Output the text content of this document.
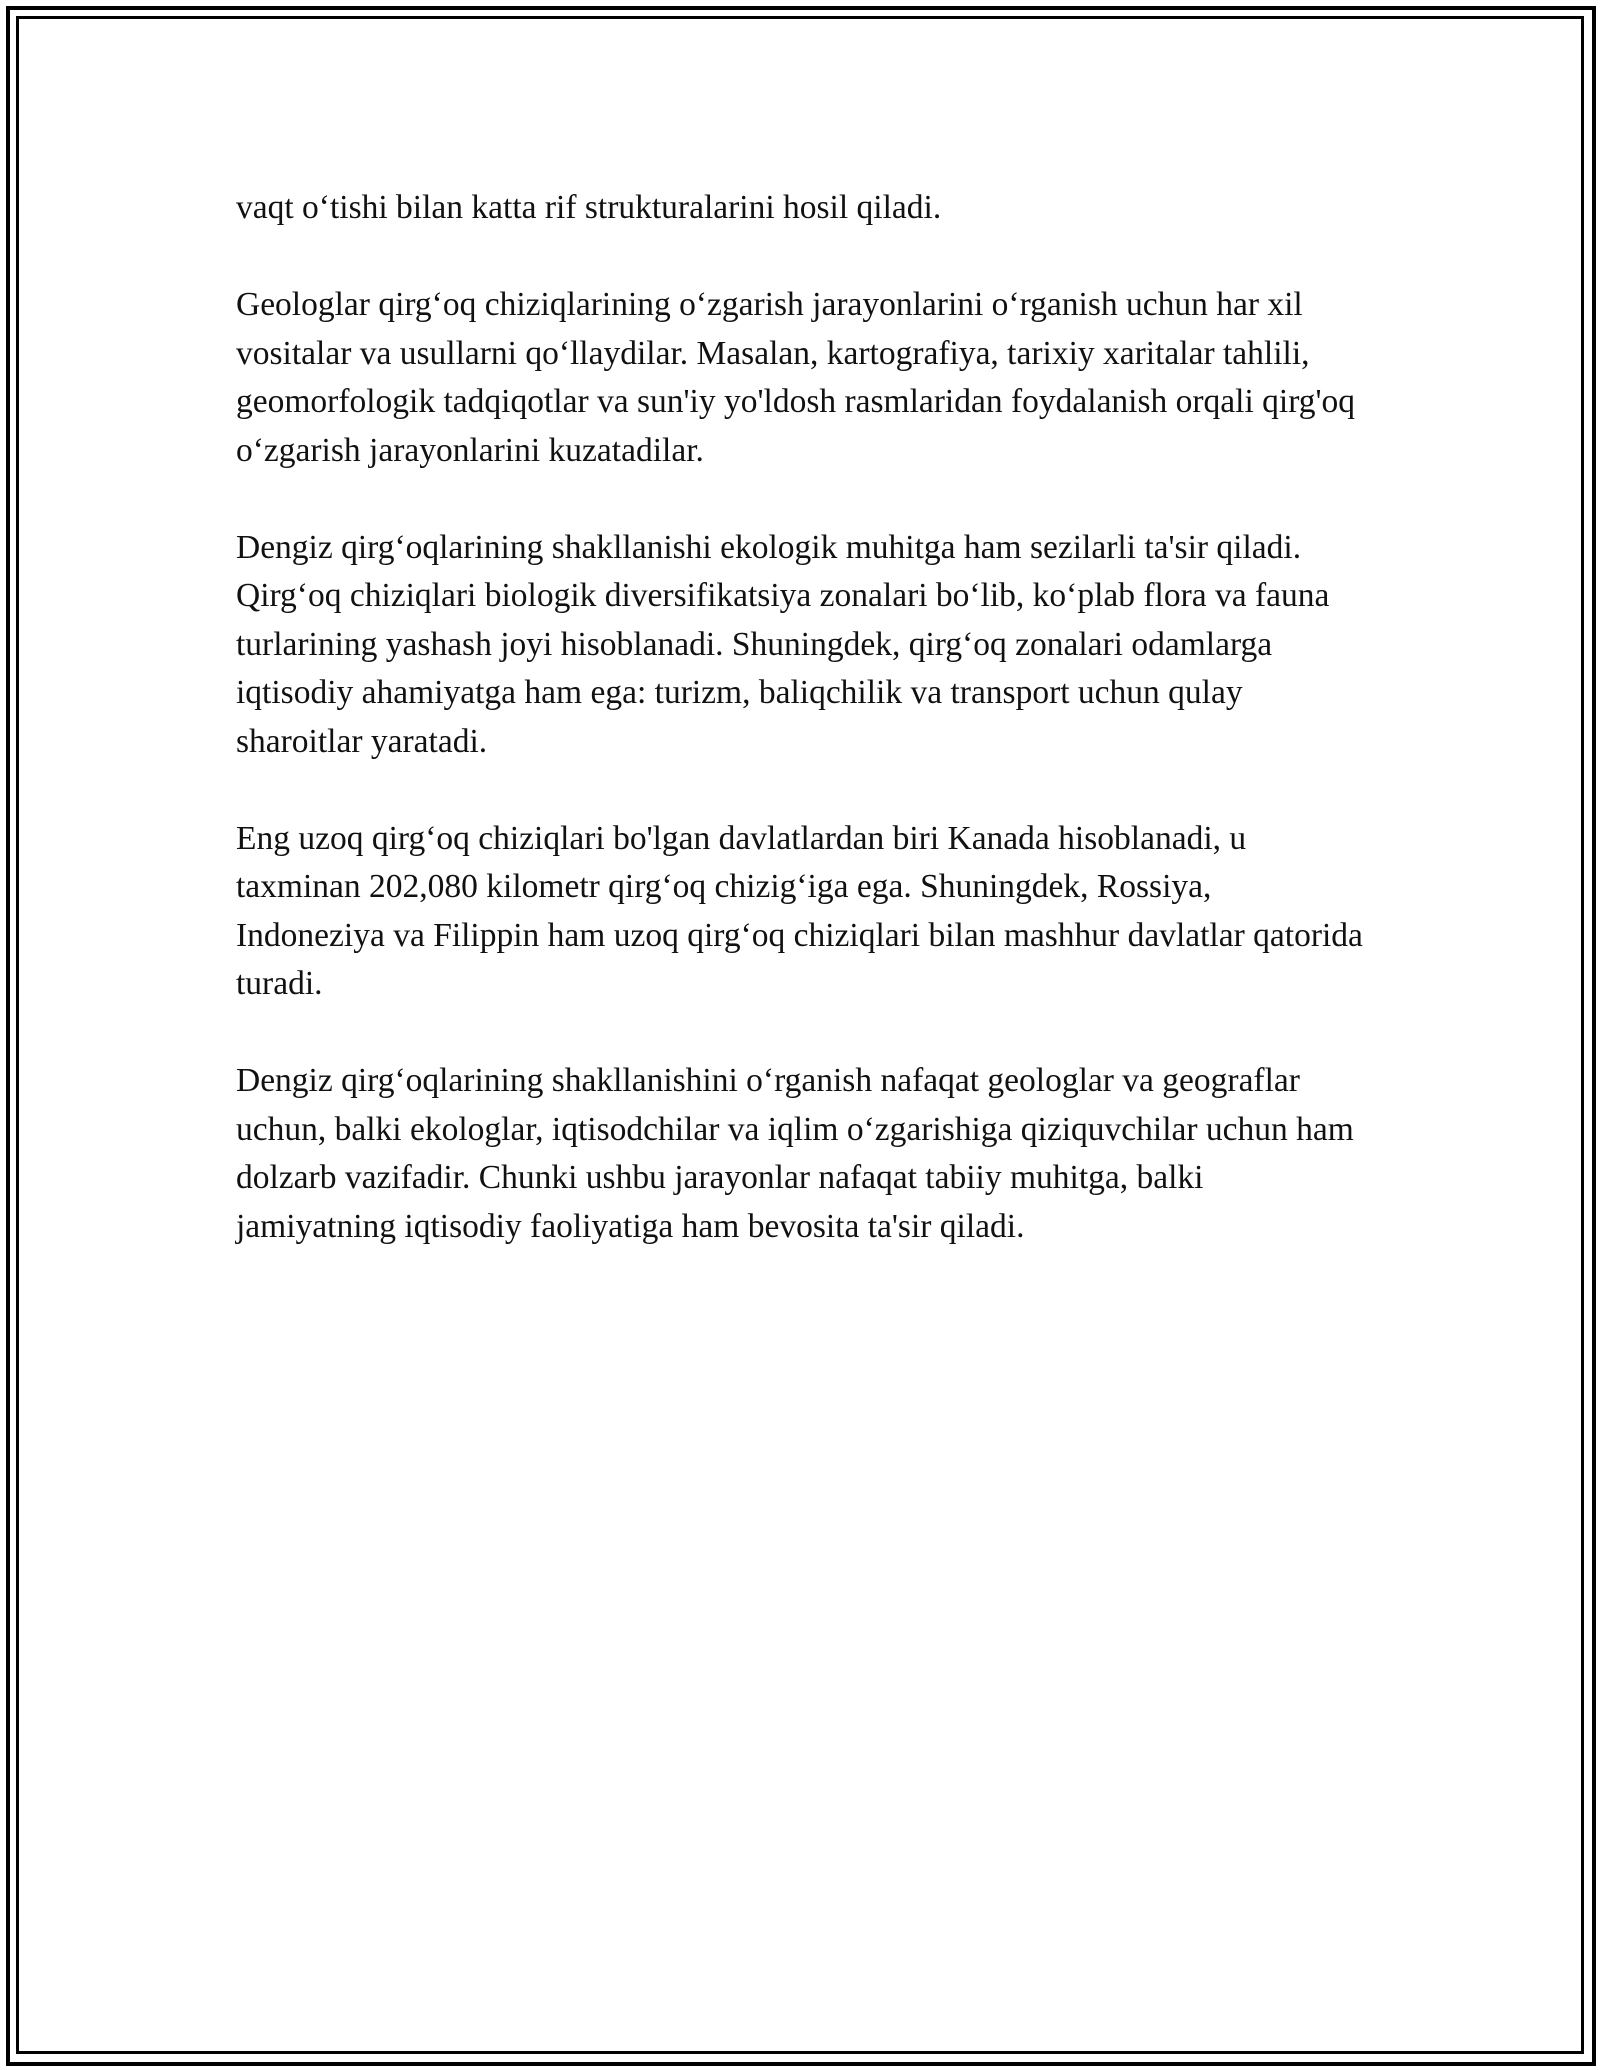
vaqt o‘tishi bilan katta rif strukturalarini hosil qiladi.

Geologlar qirg‘oq chiziqlarining o‘zgarish jarayonlarini o‘rganish uchun har xil vositalar va usullarni qo‘llaydilar. Masalan, kartografiya, tarixiy xaritalar tahlili, geomorfologik tadqiqotlar va sun'iy yo'ldosh rasmlaridan foydalanish orqali qirg'oq o‘zgarish jarayonlarini kuzatadilar.

Dengiz qirg‘oqlarining shakllanishi ekologik muhitga ham sezilarli ta'sir qiladi. Qirg‘oq chiziqlari biologik diversifikatsiya zonalari bo‘lib, ko‘plab flora va fauna turlarining yashash joyi hisoblanadi. Shuningdek, qirg‘oq zonalari odamlarga iqtisodiy ahamiyatga ham ega: turizm, baliqchilik va transport uchun qulay sharoitlar yaratadi.

Eng uzoq qirg‘oq chiziqlari bo'lgan davlatlardan biri Kanada hisoblanadi, u taxminan 202,080 kilometr qirg‘oq chizig‘iga ega. Shuningdek, Rossiya, Indoneziya va Filippin ham uzoq qirg‘oq chiziqlari bilan mashhur davlatlar qatorida turadi.

Dengiz qirg‘oqlarining shakllanishini o‘rganish nafaqat geologlar va geograflar uchun, balki ekologlar, iqtisodchilar va iqlim o‘zgarishiga qiziquvchilar uchun ham dolzarb vazifadir. Chunki ushbu jarayonlar nafaqat tabiiy muhitga, balki jamiyatning iqtisodiy faoliyatiga ham bevosita ta'sir qiladi.
